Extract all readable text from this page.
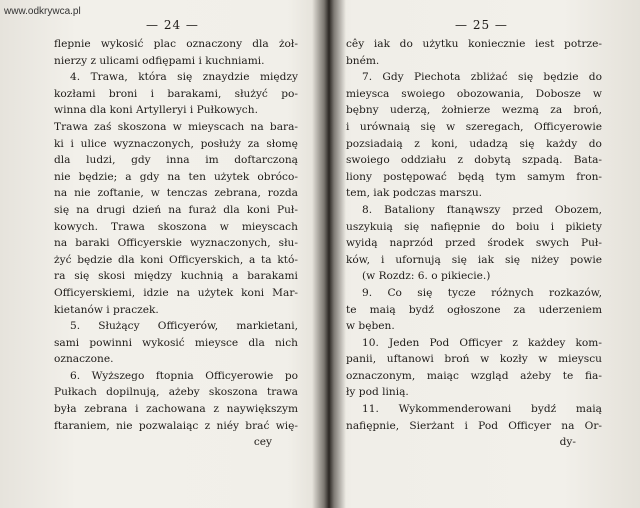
www.odkrywca.pl
— 24 —	— 25 —
flepnie wykosić plac oznaczony dla żoł-
nierzy z ulicami odfiępami i kuchniami.
4. Trawa, która się znaydzie między
kozłami broni i barakami, służyć po-
winna dla koni Artylleryi i Pułkowych.
Trawa zaś skoszona w mieyscach na bara-
ki i ulice wyznaczonych, posłuży za słomę
dla ludzi, gdy inna im doftarczoną
nie będzie; a gdy na ten użytek obróco-
na nie zoftanie, w tenczas zebrana, rozda
się na drugi dzień na furaż dla koni Puł-
kowych. Trawa skoszona w mieyscach
na baraki Officyerskie wyznaczonych, słu-
żyć będzie dla koni Officyerskich, a ta któ-
ra się skosi między kuchnią a barakami
Officyerskiemi, idzie na użytek koni Mar-
kietanów i praczek.
5. Służący Officyerów, markietani,
sami powinni wykosić mieysce dla nich
oznaczone.
6. Wyższego ftopnia Officyerowie po
Pułkach dopilnują, ażeby skoszona trawa
była zebrana i zachowana z naywiększym
ftaraniem, nie pozwalaiąc z niéy brać wię-
cey
cêy iak do użytku koniecznie iest potrze-
bném.
7. Gdy Piechota zbliżać się będzie do
mieysca swoiego obozowania, Dobosze w
bębny uderzą, żołnierze wezmą za broń,
i urównaią się w szeregach, Officyerowie
pozsiadaią z koni, udadzą się każdy do
swoiego oddziału z dobytą szpadą. Bata-
liony postępować będą tym samym fron-
tem, iak podczas marszu.
8. Bataliony ftanąwszy przed Obozem,
uszykuią się nafiępnie do boiu i pikiety
wyidą naprzód przed środek swych Puł-
ków, i ufornują się iak się niżey powie
(w Rozdz: 6. o pikiecie.)
9. Co się tycze różnych rozkazów,
te maią bydź ogłoszone za uderzeniem
w bęben.
10. Jeden Pod Officyer z każdey kom-
panii, uftanowi broń w kozły w mieyscu
oznaczonym, maiąc wzgląd ażeby te fia-
ły pod linią.
11. Wykommenderowani bydź maią
nafiępnie, Sierżant i Pod Officyer na Or-
dy-
